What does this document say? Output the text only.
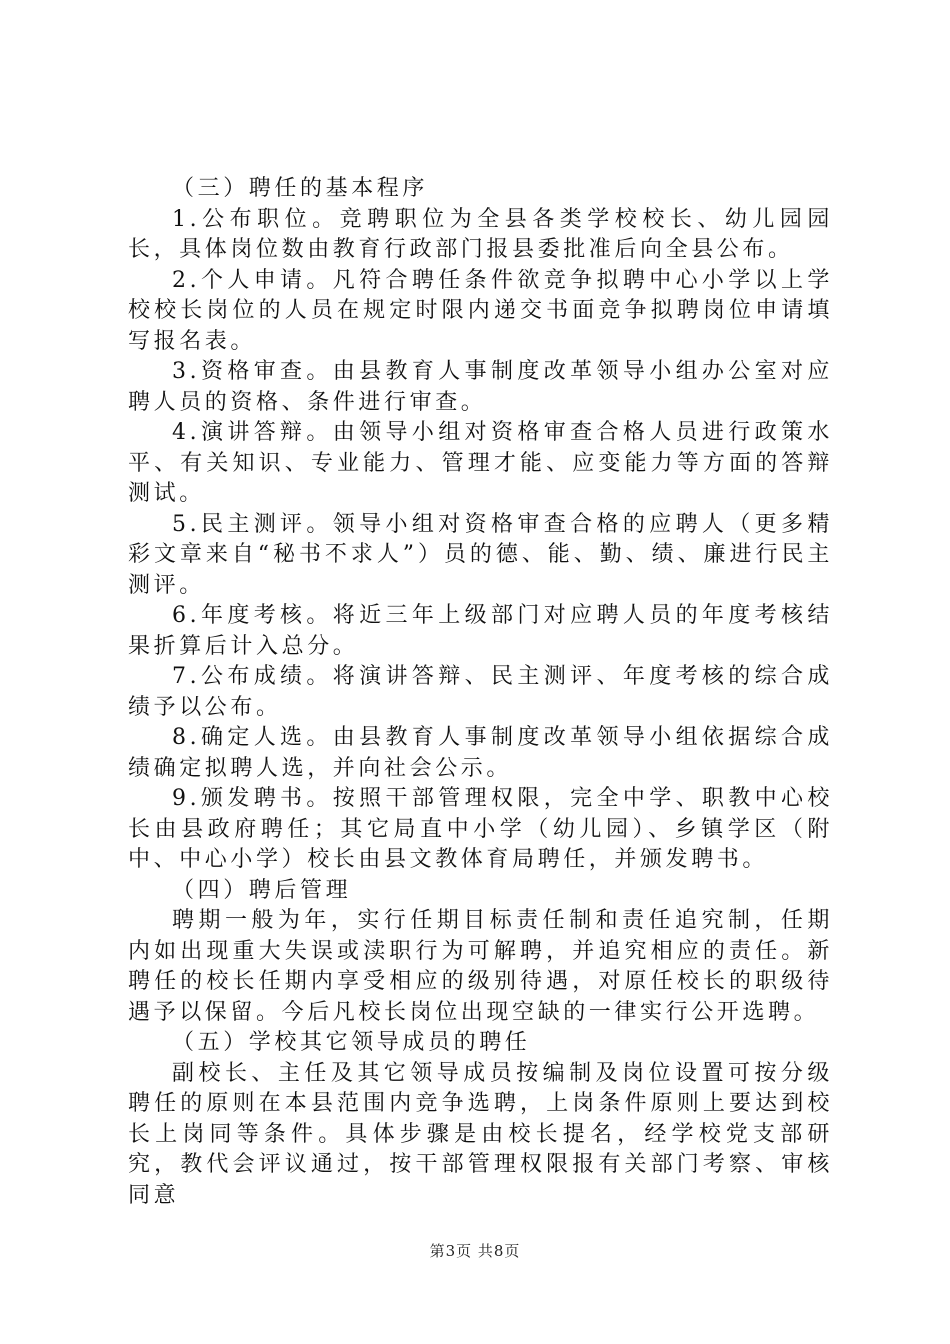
（三）聘任的基本程序

1.公布职位。竞聘职位为全县各类学校校长、幼儿园园长，具体岗位数由教育行政部门报县委批准后向全县公布。

2.个人申请。凡符合聘任条件欲竞争拟聘中心小学以上学校校长岗位的人员在规定时限内递交书面竞争拟聘岗位申请填写报名表。

3.资格审查。由县教育人事制度改革领导小组办公室对应聘人员的资格、条件进行审查。

4.演讲答辩。由领导小组对资格审查合格人员进行政策水平、有关知识、专业能力、管理才能、应变能力等方面的答辩测试。

5.民主测评。领导小组对资格审查合格的应聘人（更多精彩文章来自“秘书不求人”）员的德、能、勤、绩、廉进行民主测评。

6.年度考核。将近三年上级部门对应聘人员的年度考核结果折算后计入总分。

7.公布成绩。将演讲答辩、民主测评、年度考核的综合成绩予以公布。

8.确定人选。由县教育人事制度改革领导小组依据综合成绩确定拟聘人选，并向社会公示。

9.颁发聘书。按照干部管理权限，完全中学、职教中心校长由县政府聘任；其它局直中小学（幼儿园）、乡镇学区（附中、中心小学）校长由县文教体育局聘任，并颁发聘书。

（四）聘后管理

聘期一般为年，实行任期目标责任制和责任追究制，任期内如出现重大失误或渎职行为可解聘，并追究相应的责任。新聘任的校长任期内享受相应的级别待遇，对原任校长的职级待遇予以保留。今后凡校长岗位出现空缺的一律实行公开选聘。

（五）学校其它领导成员的聘任

副校长、主任及其它领导成员按编制及岗位设置可按分级聘任的原则在本县范围内竞争选聘，上岗条件原则上要达到校长上岗同等条件。具体步骤是由校长提名，经学校党支部研究，教代会评议通过，按干部管理权限报有关部门考察、审核同意

第3页 共8页
